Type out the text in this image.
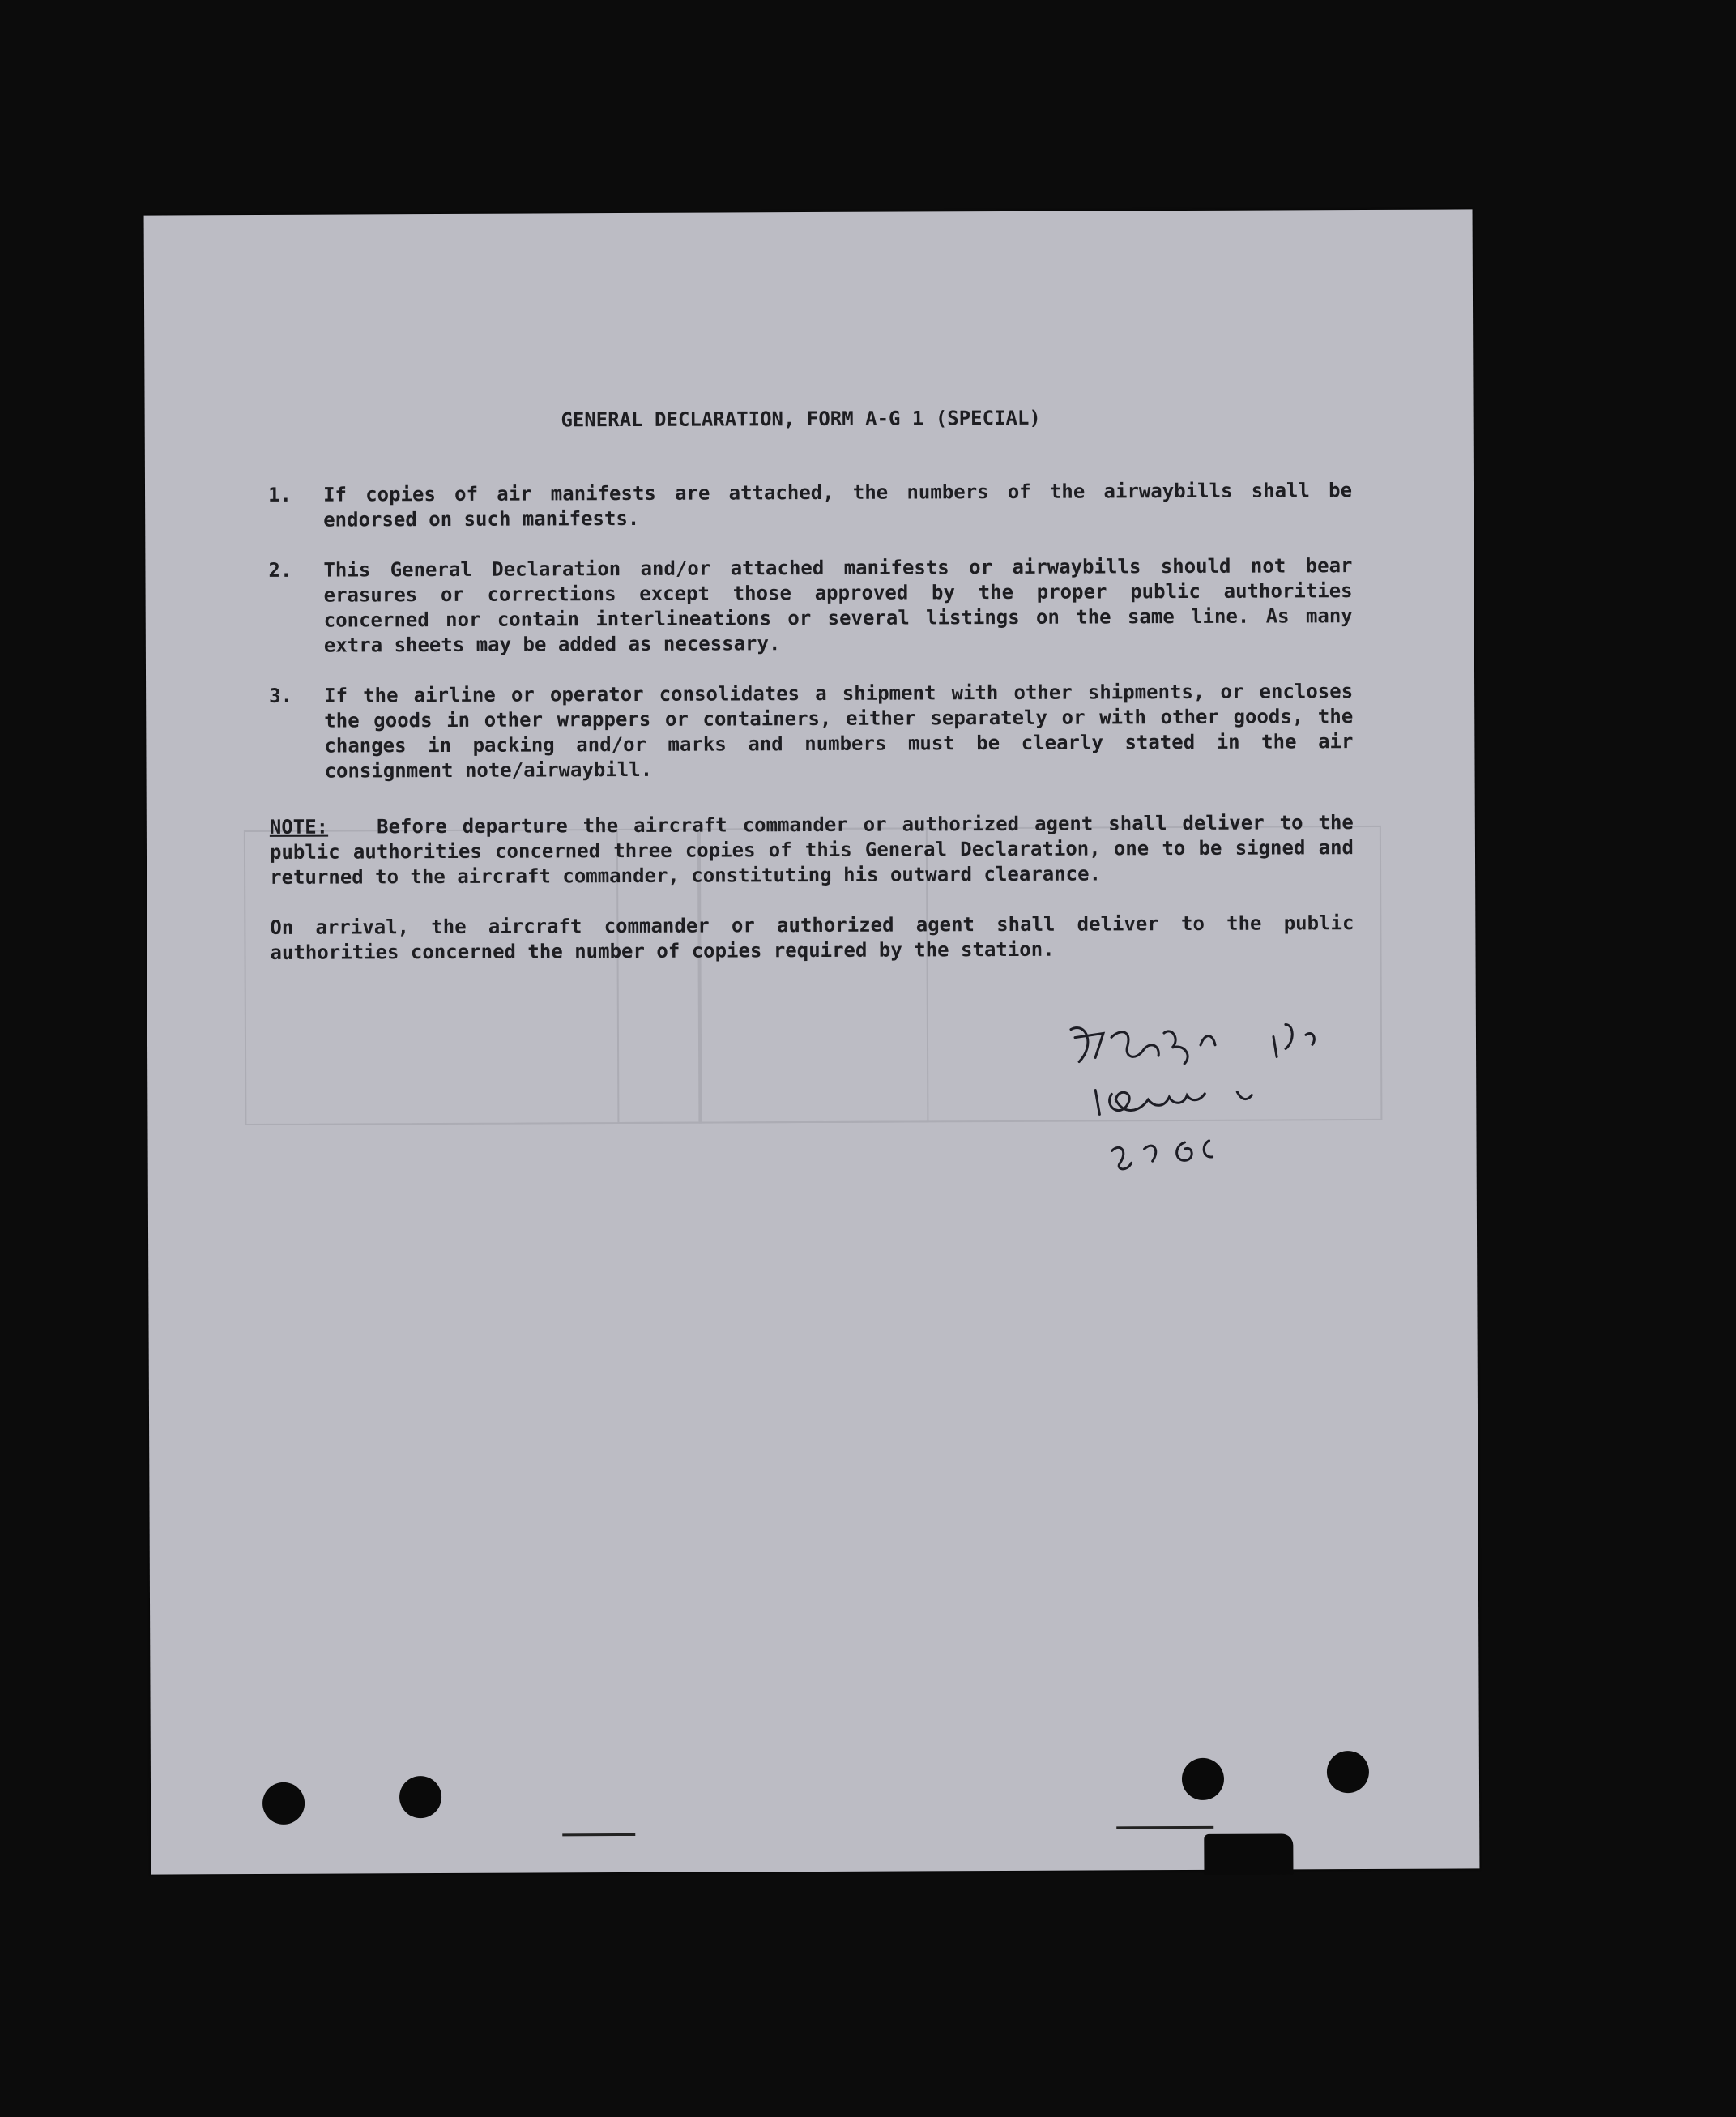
​
GENERAL DECLARATION, FORM A-G 1 (SPECIAL)
1.	If copies of air manifests are attached, the numbers of the airwaybills shall be endorsed on such manifests.
2.	This General Declaration and/or attached manifests or airwaybills should not bear erasures or corrections except those approved by the proper public authorities concerned nor contain interlineations or several listings on the same line. As many extra sheets may be added as necessary.
3.	If the airline or operator consolidates a shipment with other shipments, or encloses the goods in other wrappers or containers, either separately or with other goods, the changes in packing and/or marks and numbers must be clearly stated in the air consignment note/airwaybill.
NOTE: Before departure the aircraft commander or authorized agent shall deliver to the public authorities concerned three copies of this General Declaration, one to be signed and returned to the aircraft commander, constituting his outward clearance.
On arrival, the aircraft commander or authorized agent shall deliver to the public authorities concerned the number of copies required by the station.
